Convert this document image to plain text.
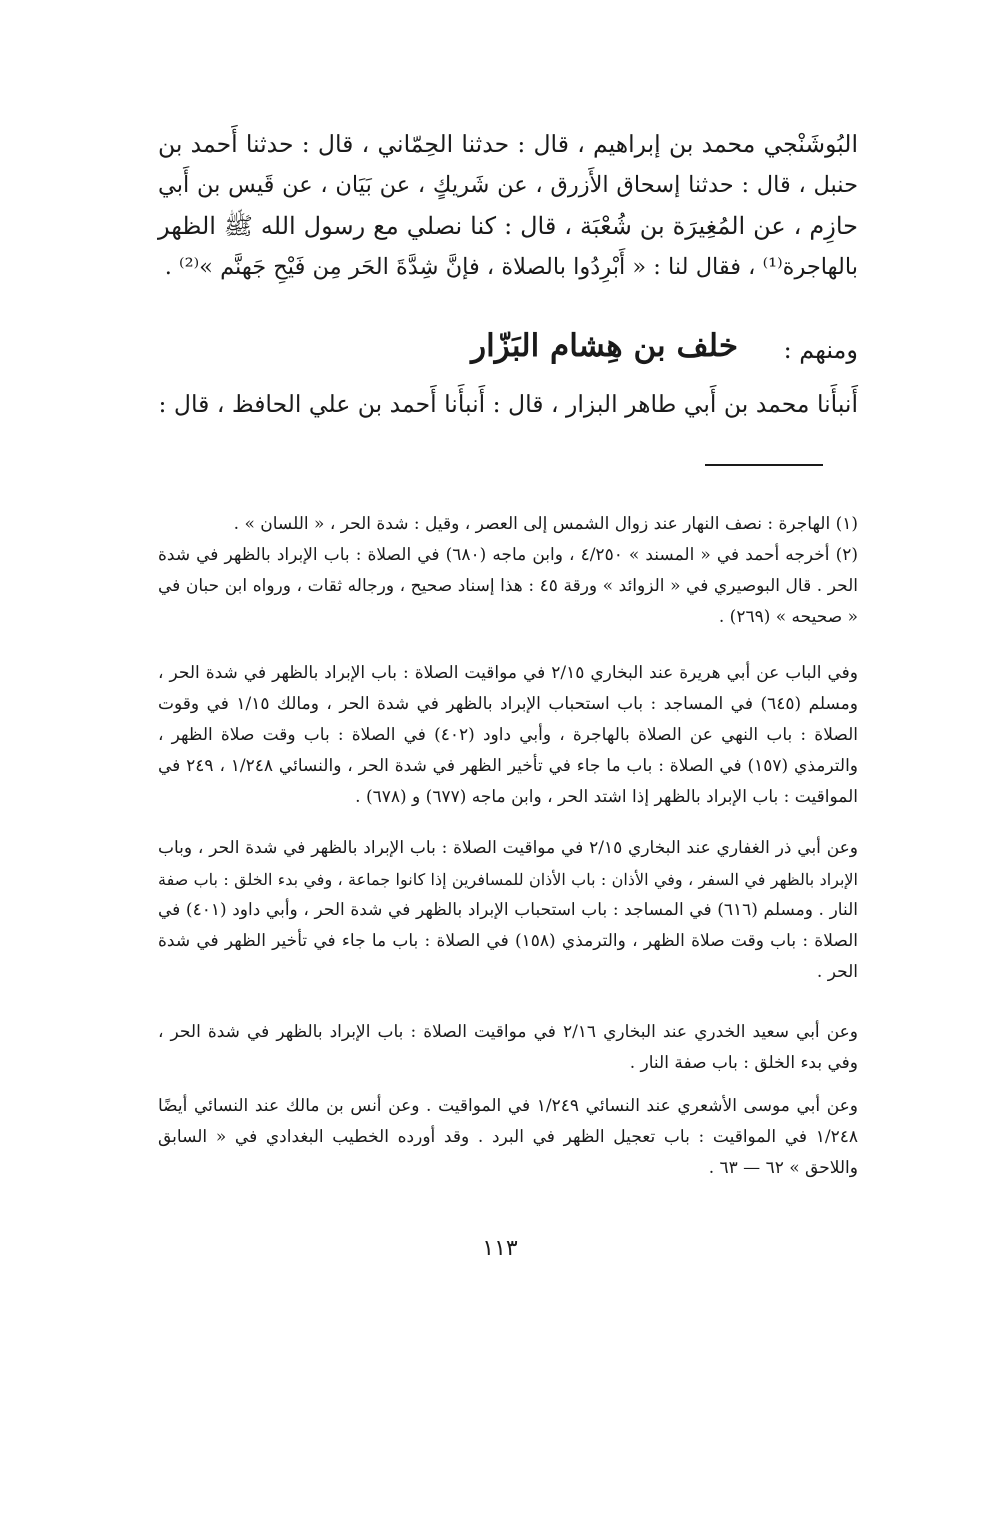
البُوشَنْجي محمد بن إبراهيم ، قال : حدثنا الحِمّاني ، قال : حدثنا أَحمد بن
حنبل ، قال : حدثنا إسحاق الأَزرق ، عن شَريكٍ ، عن بَيَان ، عن قَيس بن أَبي
حازِم ، عن المُغِيرَة بن شُعْبَة ، قال : كنا نصلي مع رسول الله ﷺ الظهر
بالهاجرة⁽¹⁾ ، فقال لنا : « أَبْرِدُوا بالصلاة ، فإنَّ شِدَّةَ الحَر مِن فَيْحِ جَهنَّم »⁽²⁾ .
ومنهم :
خلف بن هِشام البَزّار
أَنبأَنا محمد بن أَبي طاهر البزار ، قال : أَنبأَنا أَحمد بن علي الحافظ ، قال :
(١) الهاجرة : نصف النهار عند زوال الشمس إلى العصر ، وقيل : شدة الحر ، « اللسان » .
(٢) أخرجه أحمد في « المسند » ٤/٢٥٠ ، وابن ماجه (٦٨٠) في الصلاة : باب الإبراد بالظهر في شدة
الحر . قال البوصيري في « الزوائد » ورقة ٤٥ : هذا إسناد صحيح ، ورجاله ثقات ، ورواه ابن حبان في
« صحيحه » (٢٦٩) .
وفي الباب عن أبي هريرة عند البخاري ٢/١٥ في مواقيت الصلاة : باب الإبراد بالظهر في شدة الحر ،
ومسلم (٦٤٥) في المساجد : باب استحباب الإبراد بالظهر في شدة الحر ، ومالك ١/١٥ في وقوت
الصلاة : باب النهي عن الصلاة بالهاجرة ، وأبي داود (٤٠٢) في الصلاة : باب وقت صلاة الظهر ،
والترمذي (١٥٧) في الصلاة : باب ما جاء في تأخير الظهر في شدة الحر ، والنسائي ١/٢٤٨ ، ٢٤٩ في
المواقيت : باب الإبراد بالظهر إذا اشتد الحر ، وابن ماجه (٦٧٧) و (٦٧٨) .
وعن أبي ذر الغفاري عند البخاري ٢/١٥ في مواقيت الصلاة : باب الإبراد بالظهر في شدة الحر ، وباب
الإبراد بالظهر في السفر ، وفي الأذان : باب الأذان للمسافرين إذا كانوا جماعة ، وفي بدء الخلق : باب صفة
النار . ومسلم (٦١٦) في المساجد : باب استحباب الإبراد بالظهر في شدة الحر ، وأبي داود (٤٠١) في
الصلاة : باب وقت صلاة الظهر ، والترمذي (١٥٨) في الصلاة : باب ما جاء في تأخير الظهر في شدة
الحر .
وعن أبي سعيد الخدري عند البخاري ٢/١٦ في مواقيت الصلاة : باب الإبراد بالظهر في شدة الحر ،
وفي بدء الخلق : باب صفة النار .
وعن أبي موسى الأشعري عند النسائي ١/٢٤٩ في المواقيت . وعن أنس بن مالك عند النسائي أيضًا
١/٢٤٨ في المواقيت : باب تعجيل الظهر في البرد . وقد أورده الخطيب البغدادي في « السابق
واللاحق » ٦٢ — ٦٣ .
١١٣
